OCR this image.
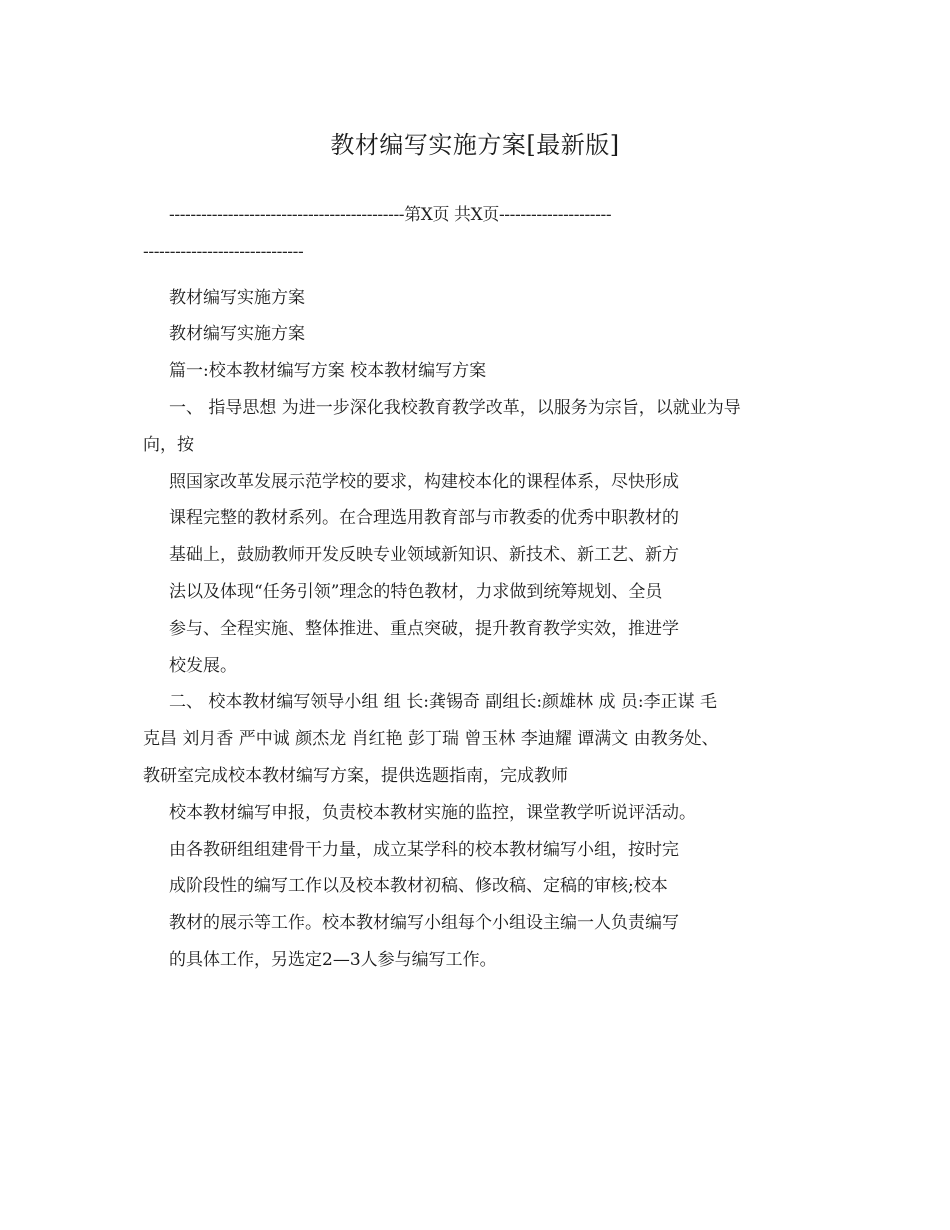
教材编写实施方案[最新版]
--------------------------------------------第X页 共X页---------------------
------------------------------
教材编写实施方案
教材编写实施方案
篇一:校本教材编写方案 校本教材编写方案
一、 指导思想 为进一步深化我校教育教学改革，以服务为宗旨，以就业为导
向，按
照国家改革发展示范学校的要求，构建校本化的课程体系，尽快形成
课程完整的教材系列。在合理选用教育部与市教委的优秀中职教材的
基础上，鼓励教师开发反映专业领域新知识、新技术、新工艺、新方
法以及体现“任务引领”理念的特色教材，力求做到统筹规划、全员
参与、全程实施、整体推进、重点突破，提升教育教学实效，推进学
校发展。
二、 校本教材编写领导小组 组 长:龚锡奇 副组长:颜雄林 成 员:李正谋 毛
克昌 刘月香 严中诚 颜杰龙 肖红艳 彭丁瑞 曾玉林 李迪耀 谭满文 由教务处、
教研室完成校本教材编写方案，提供选题指南，完成教师
校本教材编写申报，负责校本教材实施的监控，课堂教学听说评活动。
由各教研组组建骨干力量，成立某学科的校本教材编写小组，按时完
成阶段性的编写工作以及校本教材初稿、修改稿、定稿的审核;校本
教材的展示等工作。校本教材编写小组每个小组设主编一人负责编写
的具体工作，另选定2—3人参与编写工作。
